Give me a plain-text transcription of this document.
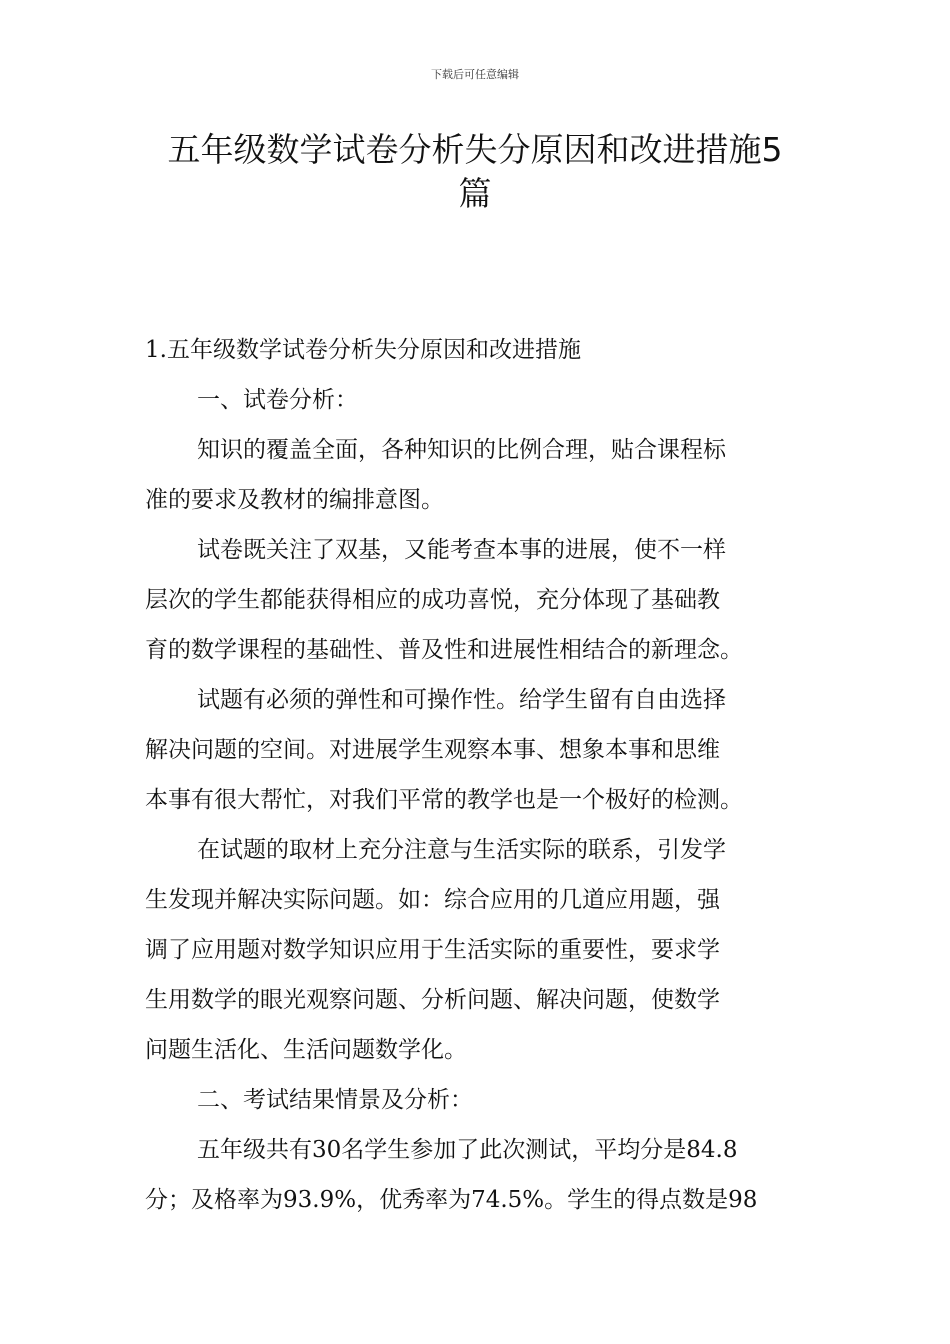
下载后可任意编辑
五年级数学试卷分析失分原因和改进措施5
篇
1.五年级数学试卷分析失分原因和改进措施
一、试卷分析：
知识的覆盖全面，各种知识的比例合理，贴合课程标
准的要求及教材的编排意图。
试卷既关注了双基，又能考查本事的进展，使不一样
层次的学生都能获得相应的成功喜悦，充分体现了基础教
育的数学课程的基础性、普及性和进展性相结合的新理念。
试题有必须的弹性和可操作性。给学生留有自由选择
解决问题的空间。对进展学生观察本事、想象本事和思维
本事有很大帮忙，对我们平常的教学也是一个极好的检测。
在试题的取材上充分注意与生活实际的联系，引发学
生发现并解决实际问题。如：综合应用的几道应用题，强
调了应用题对数学知识应用于生活实际的重要性，要求学
生用数学的眼光观察问题、分析问题、解决问题，使数学
问题生活化、生活问题数学化。
二、考试结果情景及分析：
五年级共有30名学生参加了此次测试，平均分是84.8
分；及格率为93.9%，优秀率为74.5%。学生的得点数是98
